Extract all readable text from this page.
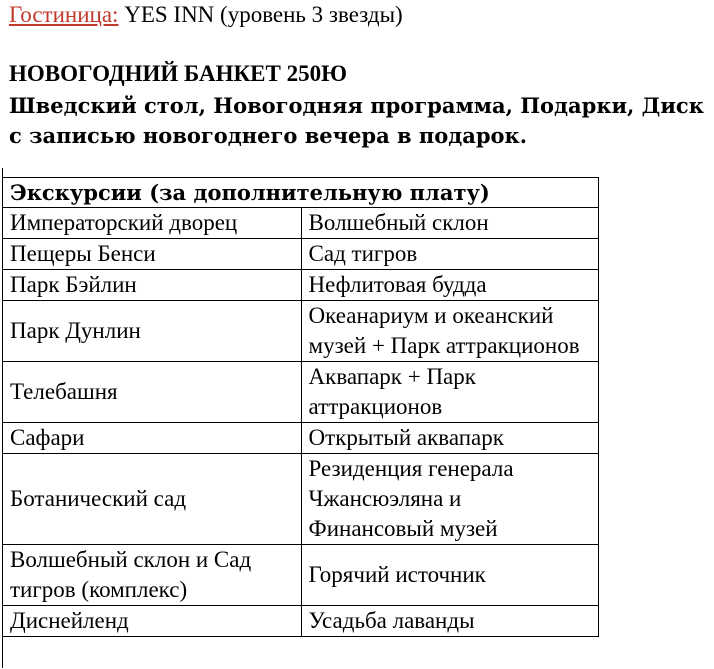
Гостиница: YES INN (уровень 3 звезды)
НОВОГОДНИЙ БАНКЕТ 250Ю
Шведский стол, Новогодняя программа, Подарки, Диск с записью новогоднего вечера в подарок.
Экскурсии (за дополнительную плату)	
Императорский дворец	Волшебный склон
Пещеры Бенси	Сад тигров
Парк Бэйлин	Нефлитовая будда
Парк Дунлин	Океанариум и океанский музей + Парк аттракционов
Телебашня	Аквапарк + Парк аттракционов
Сафари	Открытый аквапарк
Ботанический сад	Резиденция генерала Чжансюэляна и Финансовый музей
Волшебный склон и Сад тигров (комплекс)	Горячий источник
Диснейленд	Усадьба лаванды
